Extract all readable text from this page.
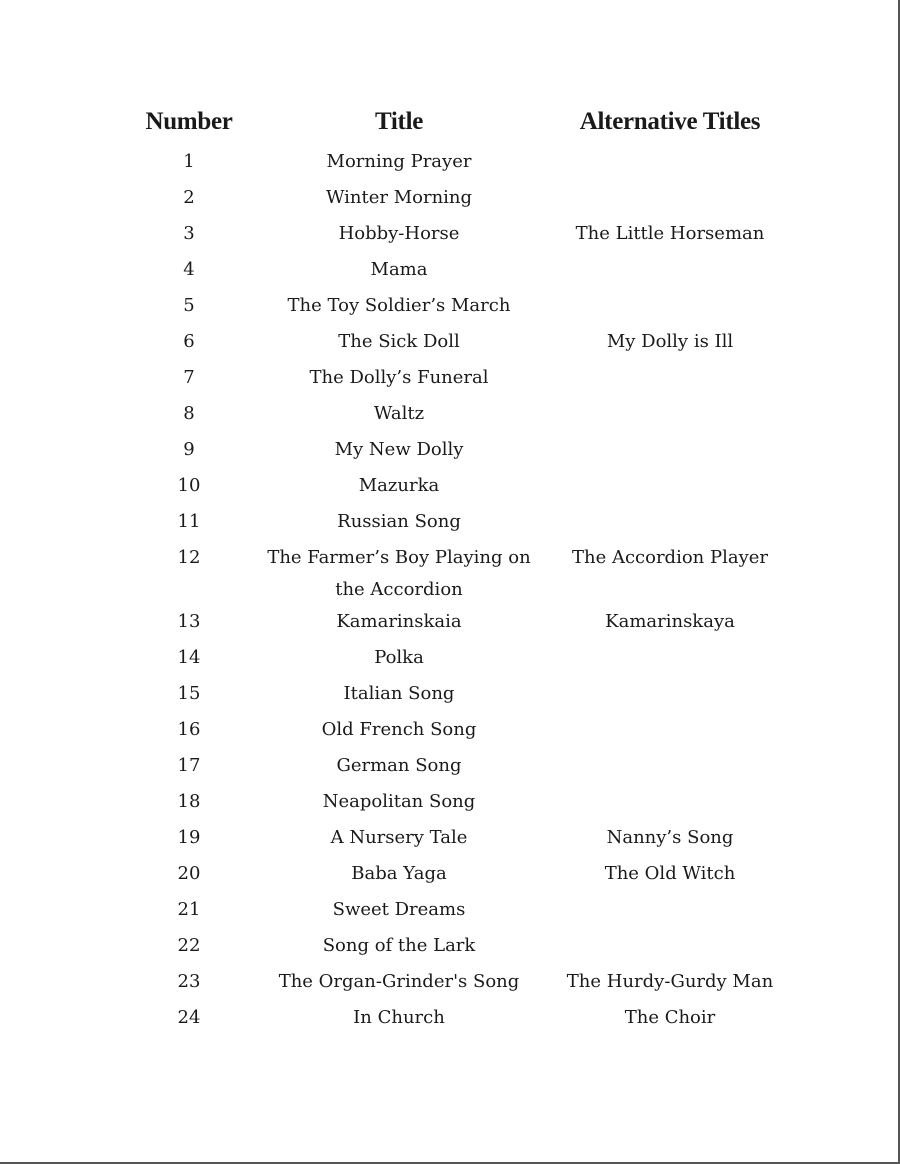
Number	Title	Alternative Titles
1	Morning Prayer	
2	Winter Morning	
3	Hobby-Horse	The Little Horseman
4	Mama	
5	The Toy Soldier’s March	
6	The Sick Doll	My Dolly is Ill
7	The Dolly’s Funeral	
8	Waltz	
9	My New Dolly	
10	Mazurka	
11	Russian Song	
12	The Farmer’s Boy Playing on the Accordion	The Accordion Player
13	Kamarinskaia	Kamarinskaya
14	Polka	
15	Italian Song	
16	Old French Song	
17	German Song	
18	Neapolitan Song	
19	A Nursery Tale	Nanny’s Song
20	Baba Yaga	The Old Witch
21	Sweet Dreams	
22	Song of the Lark	
23	The Organ-Grinder's Song	The Hurdy-Gurdy Man
24	In Church	The Choir
